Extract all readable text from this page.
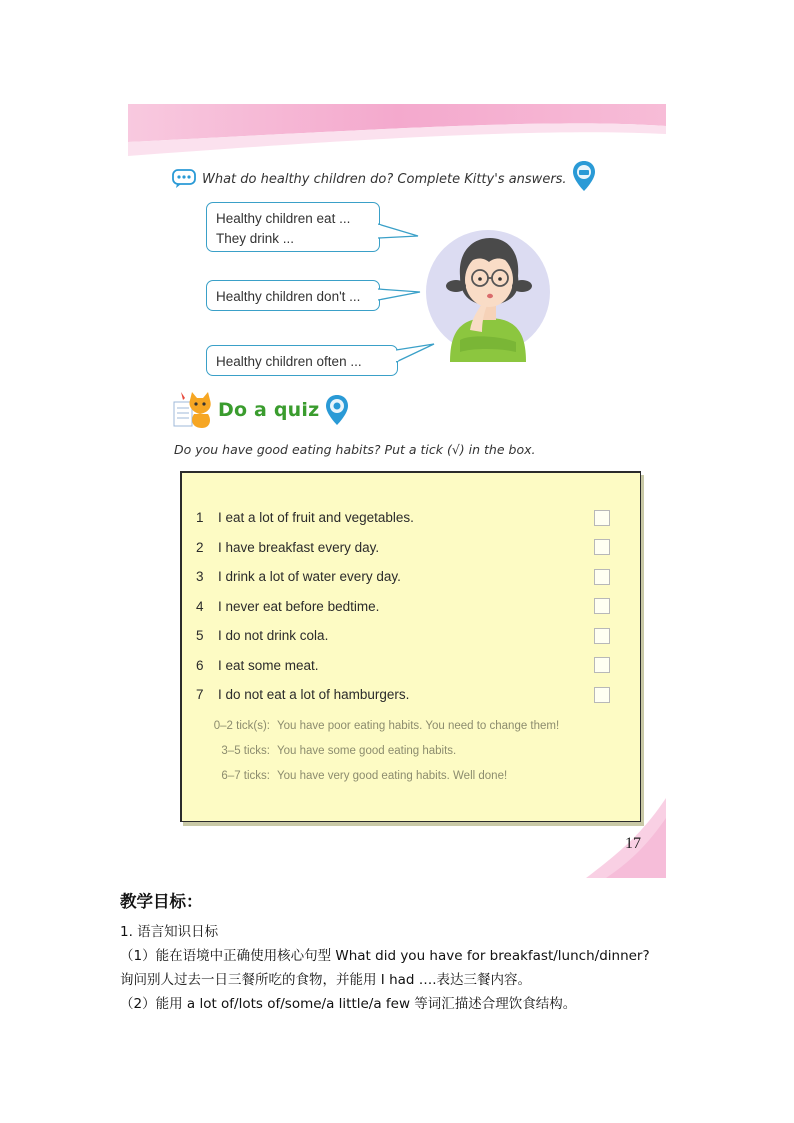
What do healthy children do? Complete Kitty's answers.
Healthy children eat ...
They drink ...
Healthy children don't ...
Healthy children often ...
Do a quiz
Do you have good eating habits? Put a tick (√) in the box.
1	I eat a lot of fruit and vegetables.
2	I have breakfast every day.
3	I drink a lot of water every day.
4	I never eat before bedtime.
5	I do not drink cola.
6	I eat some meat.
7	I do not eat a lot of hamburgers.
0–2 tick(s): You have poor eating habits. You need to change them!
3–5 ticks: You have some good eating habits.
6–7 ticks: You have very good eating habits. Well done!
17
教学目标：
1. 语言知识日标
（1）能在语境中正确使用核心句型 What did you have for breakfast/lunch/dinner?
询问别人过去一日三餐所吃的食物，并能用 I had ….表达三餐内容。
（2）能用 a lot of/lots of/some/a little/a few 等词汇描述合理饮食结构。
